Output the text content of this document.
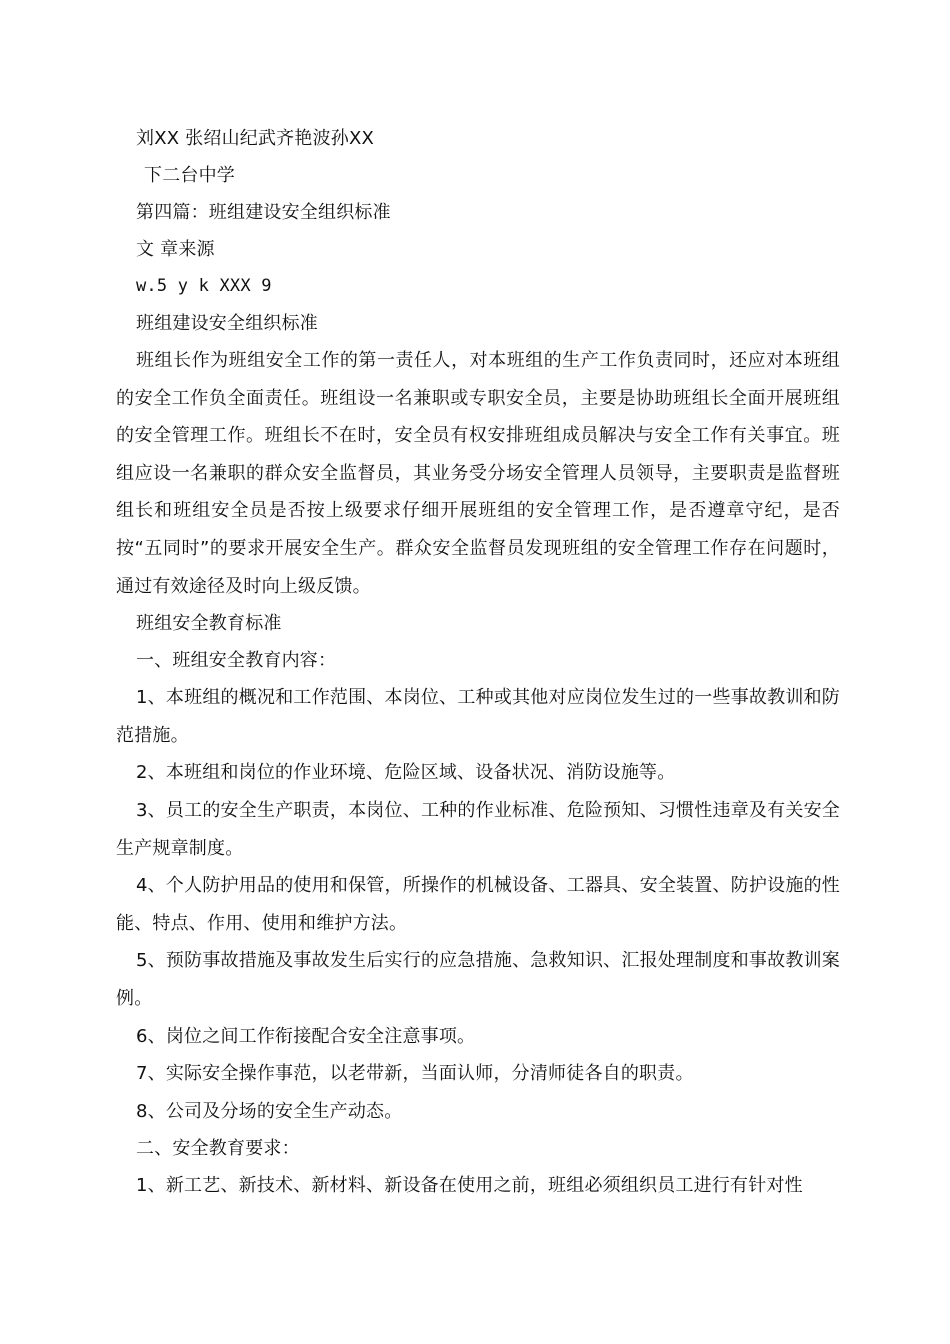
刘XX 张绍山纪武齐艳波孙XX
下二台中学
第四篇：班组建设安全组织标准
文 章来源
w.5 y k XXX 9
班组建设安全组织标准

班组长作为班组安全工作的第一责任人，对本班组的生产工作负责同时，还应对本班组的安全工作负全面责任。班组设一名兼职或专职安全员，主要是协助班组长全面开展班组的安全管理工作。班组长不在时，安全员有权安排班组成员解决与安全工作有关事宜。班组应设一名兼职的群众安全监督员，其业务受分场安全管理人员领导，主要职责是监督班组长和班组安全员是否按上级要求仔细开展班组的安全管理工作，是否遵章守纪，是否按“五同时”的要求开展安全生产。群众安全监督员发现班组的安全管理工作存在问题时，通过有效途径及时向上级反馈。

班组安全教育标准
一、班组安全教育内容：

1、本班组的概况和工作范围、本岗位、工种或其他对应岗位发生过的一些事故教训和防范措施。

2、本班组和岗位的作业环境、危险区域、设备状况、消防设施等。

3、员工的安全生产职责，本岗位、工种的作业标准、危险预知、习惯性违章及有关安全生产规章制度。

4、个人防护用品的使用和保管，所操作的机械设备、工器具、安全装置、防护设施的性能、特点、作用、使用和维护方法。

5、预防事故措施及事故发生后实行的应急措施、急救知识、汇报处理制度和事故教训案例。

6、岗位之间工作衔接配合安全注意事项。

7、实际安全操作事范，以老带新，当面认师，分清师徒各自的职责。

8、公司及分场的安全生产动态。

二、安全教育要求：

1、新工艺、新技术、新材料、新设备在使用之前，班组必须组织员工进行有针对性
